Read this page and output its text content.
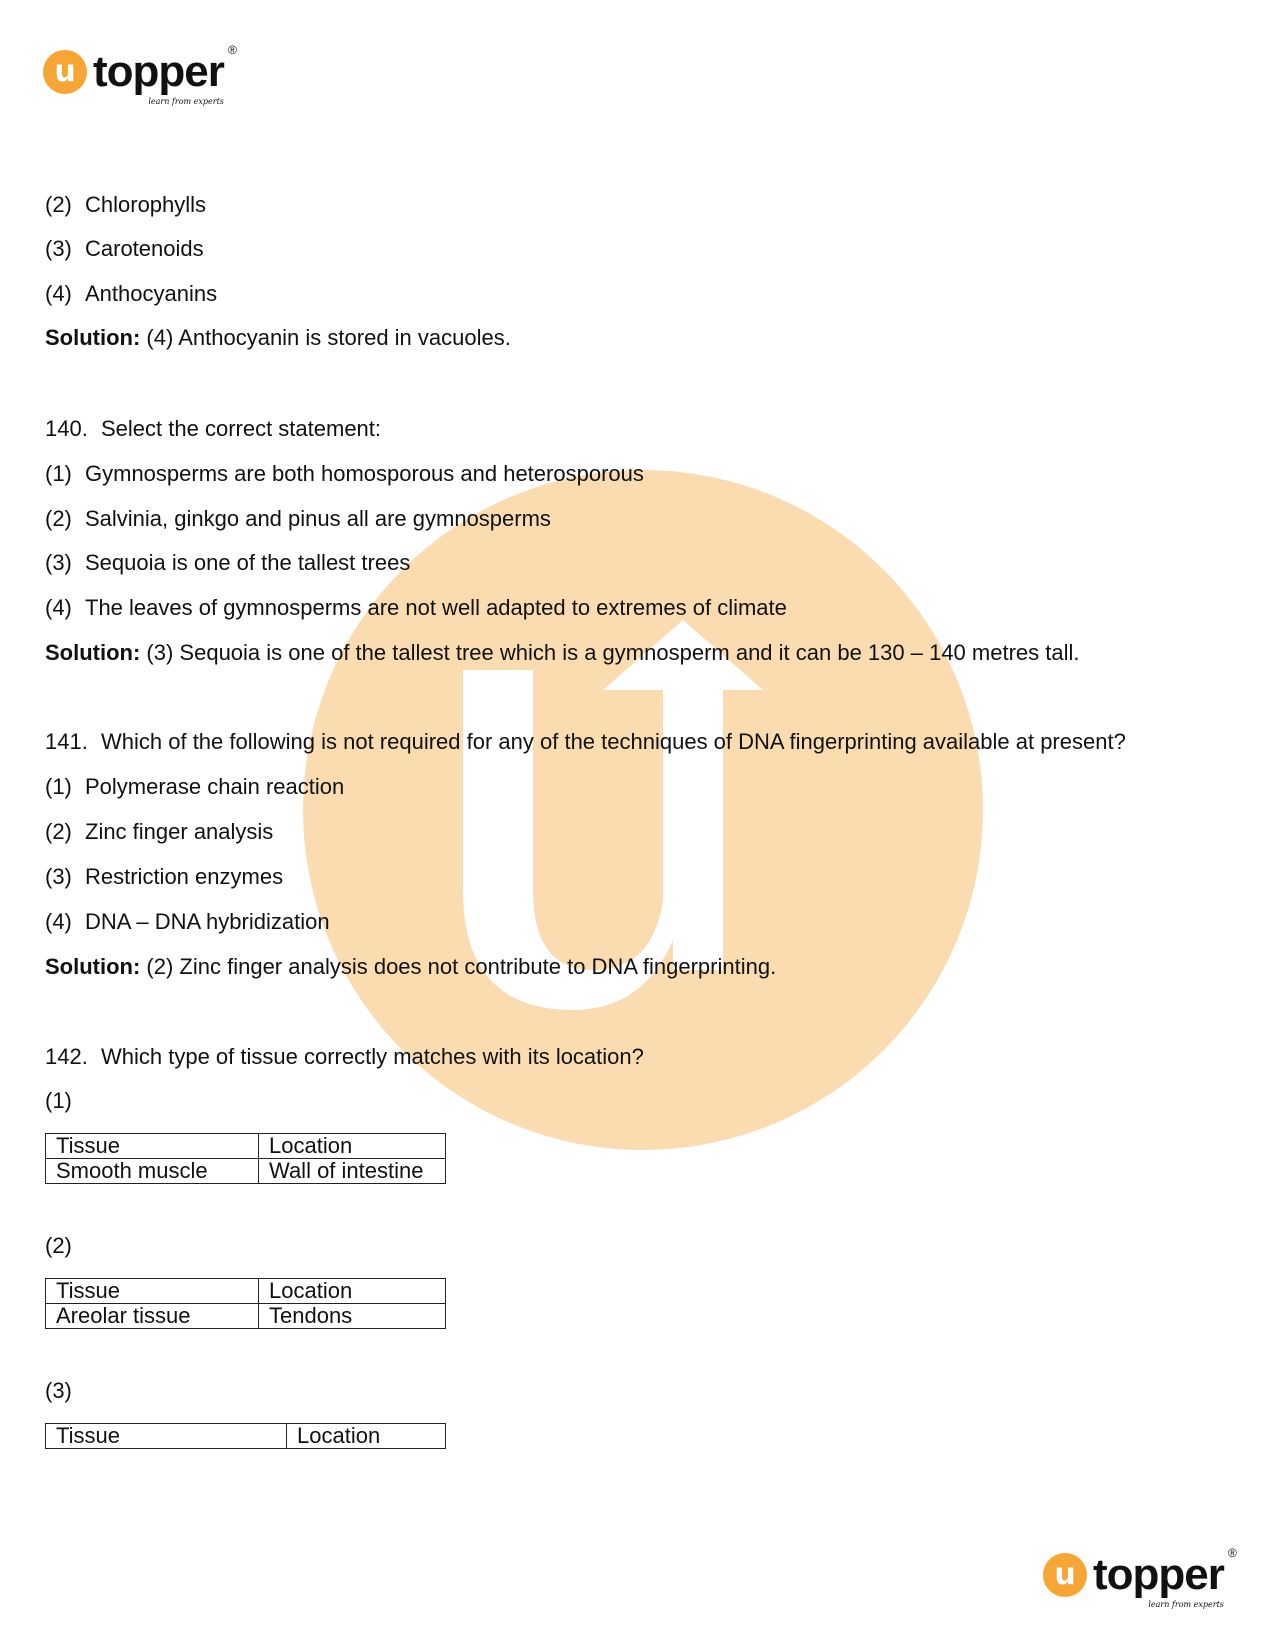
u topper ®
learn from experts
u topper ®
learn from experts
(2) Chlorophylls
(3) Carotenoids
(4) Anthocyanins
Solution: (4) Anthocyanin is stored in vacuoles.
140. Select the correct statement:
(1) Gymnosperms are both homosporous and heterosporous
(2) Salvinia, ginkgo and pinus all are gymnosperms
(3) Sequoia is one of the tallest trees
(4) The leaves of gymnosperms are not well adapted to extremes of climate
Solution: (3) Sequoia is one of the tallest tree which is a gymnosperm and it can be 130 – 140 metres tall.
141. Which of the following is not required for any of the techniques of DNA fingerprinting available at present?
(1) Polymerase chain reaction
(2) Zinc finger analysis
(3) Restriction enzymes
(4) DNA – DNA hybridization
Solution: (2) Zinc finger analysis does not contribute to DNA fingerprinting.
142. Which type of tissue correctly matches with its location?
(1)
Tissue	Location
Smooth muscle	Wall of intestine
(2)
Tissue	Location
Areolar tissue	Tendons
(3)
Tissue	Location
